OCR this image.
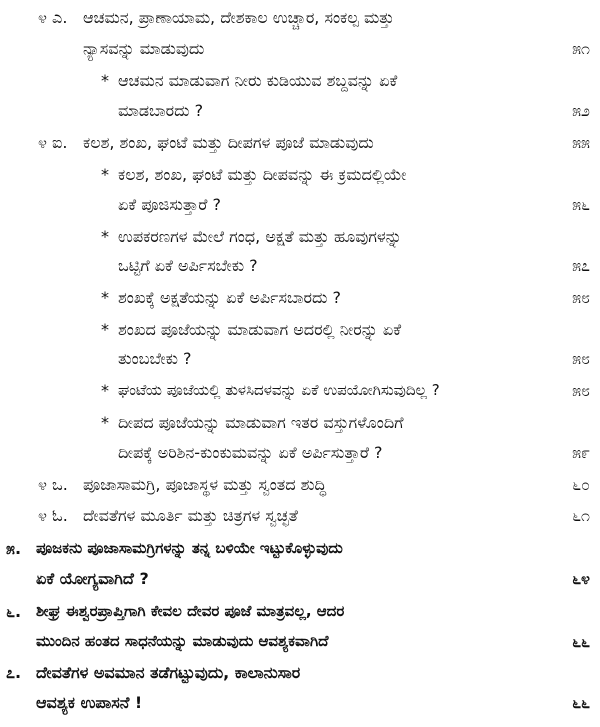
೪ ಎ. ಆಚಮನ, ಪ್ರಾಣಾಯಾಮ, ದೇಶಕಾಲ ಉಚ್ಚಾರ, ಸಂಕಲ್ಪ ಮತ್ತು
ನ್ಯಾಸವನ್ನು ಮಾಡುವುದು	೫೧
* ಆಚಮನ ಮಾಡುವಾಗ ನೀರು ಕುಡಿಯುವ ಶಬ್ದವನ್ನು ಏಕೆ
ಮಾಡಬಾರದು ?	೫೨
೪ ಐ. ಕಲಶ, ಶಂಖ, ಘಂಟೆ ಮತ್ತು ದೀಪಗಳ ಪೂಜೆ ಮಾಡುವುದು	೫೫
* ಕಲಶ, ಶಂಖ, ಘಂಟೆ ಮತ್ತು ದೀಪವನ್ನು ಈ ಕ್ರಮದಲ್ಲಿಯೇ
ಏಕೆ ಪೂಜಿಸುತ್ತಾರೆ ?	೫೬
* ಉಪಕರಣಗಳ ಮೇಲೆ ಗಂಧ, ಅಕ್ಷತೆ ಮತ್ತು ಹೂವುಗಳನ್ನು
ಒಟ್ಟಿಗೆ ಏಕೆ ಅರ್ಪಿಸಬೇಕು ?	೫೭
* ಶಂಖಕ್ಕೆ ಅಕ್ಷತೆಯನ್ನು ಏಕೆ ಅರ್ಪಿಸಬಾರದು ?	೫೮
* ಶಂಖದ ಪೂಜೆಯನ್ನು ಮಾಡುವಾಗ ಅದರಲ್ಲಿ ನೀರನ್ನು ಏಕೆ
ತುಂಬಬೇಕು ?	೫೮
* ಘಂಟೆಯ ಪೂಜೆಯಲ್ಲಿ ತುಳಸಿದಳವನ್ನು ಏಕೆ ಉಪಯೋಗಿಸುವುದಿಲ್ಲ ?	೫೮
* ದೀಪದ ಪೂಜೆಯನ್ನು ಮಾಡುವಾಗ ಇತರ ವಸ್ತುಗಳೊಂದಿಗೆ
ದೀಪಕ್ಕೆ ಅರಿಶಿನ-ಕುಂಕುಮವನ್ನು ಏಕೆ ಅರ್ಪಿಸುತ್ತಾರೆ ?	೫೯
೪ ಒ. ಪೂಜಾಸಾಮಗ್ರಿ, ಪೂಜಾಸ್ಥಳ ಮತ್ತು ಸ್ವಂತದ ಶುದ್ಧಿ	೬೦
೪ ಓ. ದೇವತೆಗಳ ಮೂರ್ತಿ ಮತ್ತು ಚಿತ್ರಗಳ ಸ್ವಚ್ಛತೆ	೬೧
೫. ಪೂಜಕನು ಪೂಜಾಸಾಮಗ್ರಿಗಳನ್ನು ತನ್ನ ಬಳಿಯೇ ಇಟ್ಟುಕೊಳ್ಳುವುದು
ಏಕೆ ಯೋಗ್ಯವಾಗಿದೆ ?	೬೪
೬. ಶೀಘ್ರ ಈಶ್ವರಪ್ರಾಪ್ತಿಗಾಗಿ ಕೇವಲ ದೇವರ ಪೂಜೆ ಮಾತ್ರವಲ್ಲ, ಆದರ
ಮುಂದಿನ ಹಂತದ ಸಾಧನೆಯನ್ನು ಮಾಡುವುದು ಆವಶ್ಯಕವಾಗಿದೆ	೬೬
೭. ದೇವತೆಗಳ ಅವಮಾನ ತಡೆಗಟ್ಟುವುದು, ಕಾಲಾನುಸಾರ
ಆವಶ್ಯಕ ಉಪಾಸನೆ !	೬೬
